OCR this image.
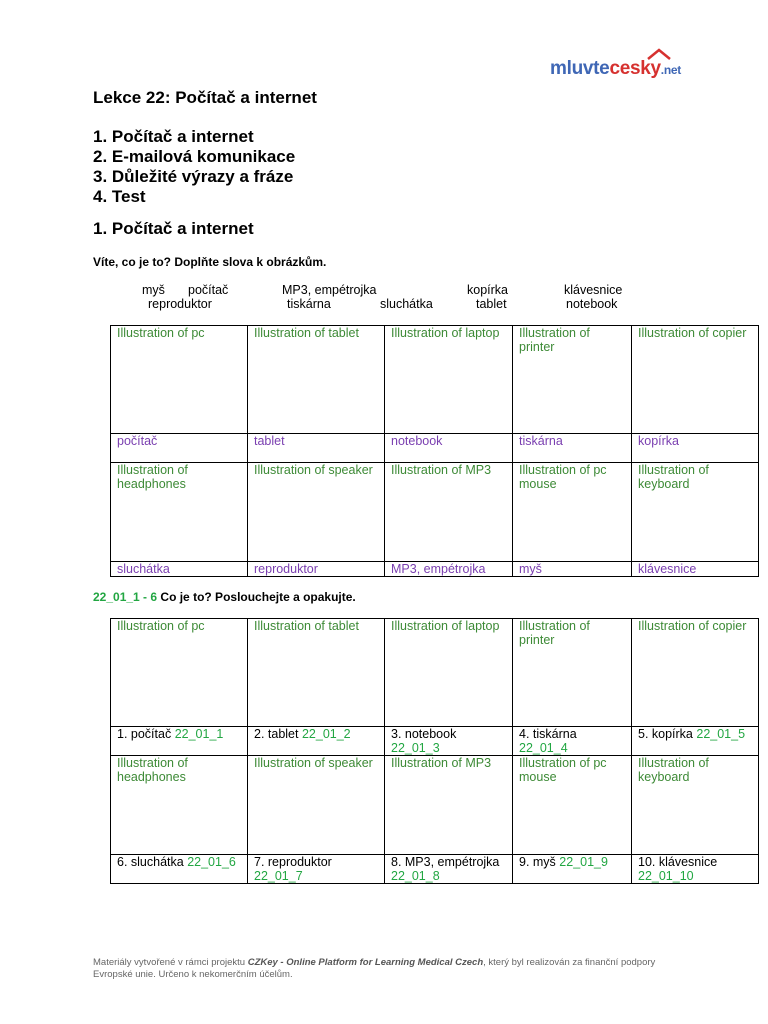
mluvtecesky.net
Lekce 22: Počítač a internet
1. Počítač a internet
2. E-mailová komunikace
3. Důležité výrazy a fráze
4. Test
1. Počítač a internet
Víte, co je to? Doplňte slova k obrázkům.
myš počítač	MP3, empétrojka	kopírka	klávesnice
reproduktor	tiskárna	sluchátka	tablet	notebook
Illustration of pc	Illustration of tablet	Illustration of laptop	Illustration of printer	Illustration of copier
počítač	tablet	notebook	tiskárna	kopírka
Illustration of headphones	Illustration of speaker	Illustration of MP3	Illustration of pc mouse	Illustration of keyboard
sluchátka	reproduktor	MP3, empétrojka	myš	klávesnice
22_01_1 - 6 Co je to? Poslouchejte a opakujte.
Illustration of pc	Illustration of tablet	Illustration of laptop	Illustration of printer	Illustration of copier
1. počítač 22_01_1	2. tablet 22_01_2	3. notebook 22_01_3	4. tiskárna 22_01_4	5. kopírka 22_01_5
Illustration of headphones	Illustration of speaker	Illustration of MP3	Illustration of pc mouse	Illustration of keyboard
6. sluchátka 22_01_6	7. reproduktor 22_01_7	8. MP3, empétrojka 22_01_8	9. myš 22_01_9	10. klávesnice 22_01_10
Materiály vytvořené v rámci projektu CZKey - Online Platform for Learning Medical Czech, který byl realizován za finanční podpory Evropské unie. Určeno k nekomerčním účelům.
